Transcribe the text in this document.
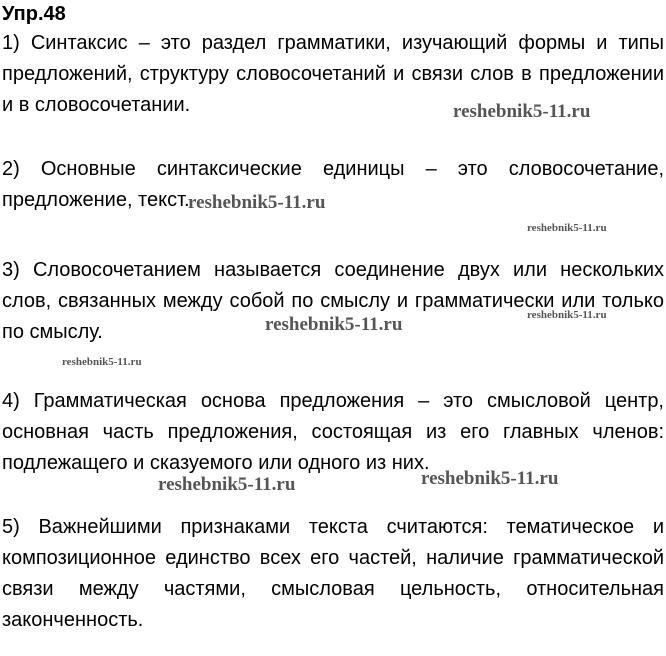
Упр.48

1) Синтаксис – это раздел грамматики, изучающий формы и типы предложений, структуру словосочетаний и связи слов в предложении и в словосочетании.

2) Основные синтаксические единицы – это словосочетание, предложение, текст.

3) Словосочетанием называется соединение двух или нескольких слов, связанных между собой по смыслу и грамматически или только по смыслу.

4) Грамматическая основа предложения – это смысловой центр, основная часть предложения, состоящая из его главных членов: подлежащего и сказуемого или одного из них.

5) Важнейшими признаками текста считаются: тематическое и композиционное единство всех его частей, наличие грамматической связи между частями, смысловая цельность, относительная законченность.

reshebnik5-11.ru
reshebnik5-11.ru
reshebnik5-11.ru
reshebnik5-11.ru
reshebnik5-11.ru
reshebnik5-11.ru
reshebnik5-11.ru	reshebnik5-11.ru
